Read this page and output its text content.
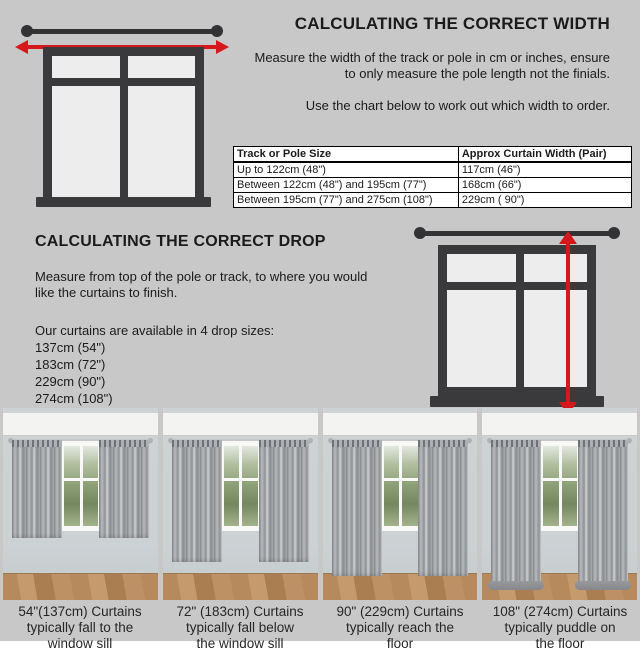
CALCULATING THE CORRECT WIDTH

Measure the width of the track or pole in cm or inches, ensure
to only measure the pole length not the finials.

Use the chart below to work out which width to order.

Track or Pole Size	Approx Curtain Width (Pair)
Up to 122cm (48")	117cm (46")
Between 122cm (48") and 195cm (77")	168cm (66")
Between 195cm (77") and 275cm (108")	229cm ( 90")
CALCULATING THE CORRECT DROP

Measure from top of the pole or track, to where you would
like the curtains to finish.

Our curtains are available in 4 drop sizes:
137cm (54")
183cm (72")
229cm (90")
274cm (108")
54"(137cm) Curtains
typically fall to the
window sill
72" (183cm) Curtains
typically fall below
the window sill
90" (229cm) Curtains
typically reach the
floor
108" (274cm) Curtains
typically puddle on
the floor
